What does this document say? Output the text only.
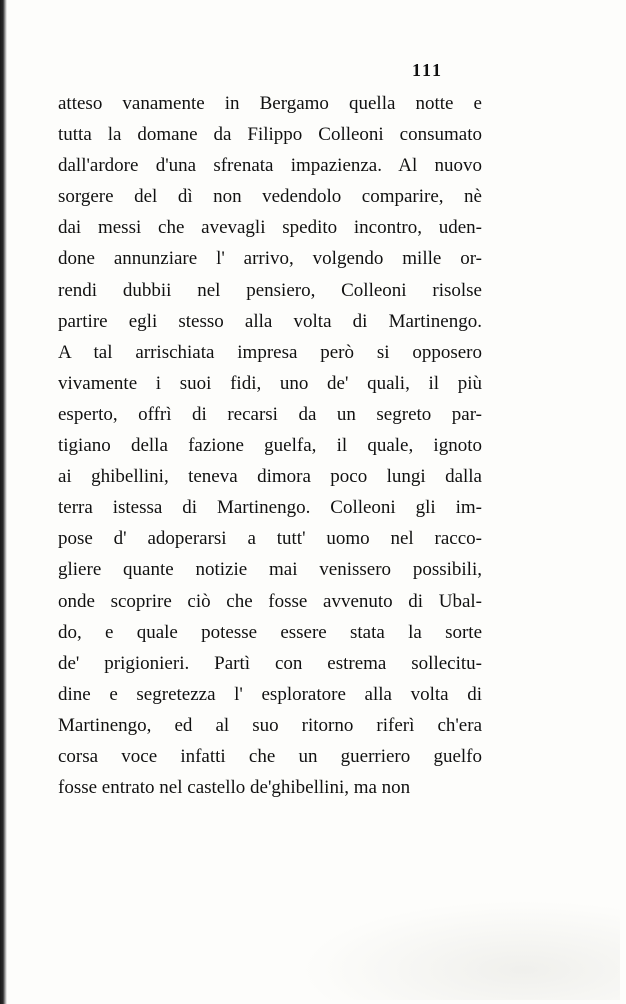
111
atteso vanamente in Bergamo quella notte e
tutta la domane da Filippo Colleoni consumato
dall'ardore d'una sfrenata impazienza. Al nuovo
sorgere del dì non vedendolo comparire, nè
dai messi che avevagli spedito incontro, uden-
done annunziare l' arrivo, volgendo mille or-
rendi dubbii nel pensiero, Colleoni risolse
partire egli stesso alla volta di Martinengo.
A tal arrischiata impresa però si opposero
vivamente i suoi fidi, uno de' quali, il più
esperto, offrì di recarsi da un segreto par-
tigiano della fazione guelfa, il quale, ignoto
ai ghibellini, teneva dimora poco lungi dalla
terra istessa di Martinengo. Colleoni gli im-
pose d' adoperarsi a tutt' uomo nel racco-
gliere quante notizie mai venissero possibili,
onde scoprire ciò che fosse avvenuto di Ubal-
do, e quale potesse essere stata la sorte
de' prigionieri. Partì con estrema sollecitu-
dine e segretezza l' esploratore alla volta di
Martinengo, ed al suo ritorno riferì ch'era
corsa voce infatti che un guerriero guelfo
fosse entrato nel castello de'ghibellini, ma non
